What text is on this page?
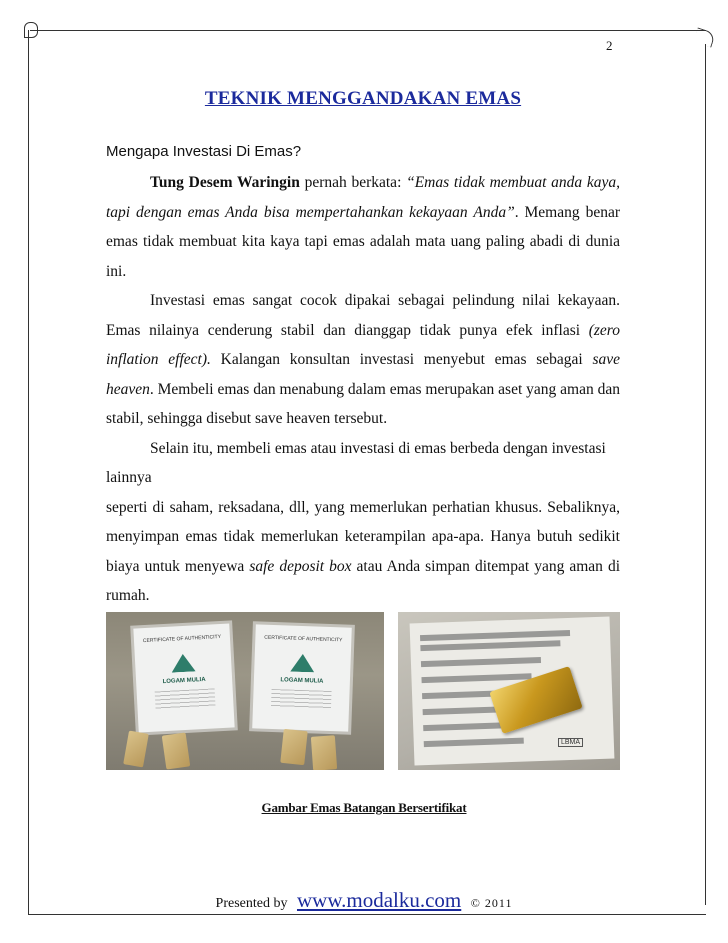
2
TEKNIK MENGGANDAKAN EMAS
Mengapa Investasi Di Emas?

Tung Desem Waringin pernah berkata: “Emas tidak membuat anda kaya, tapi dengan emas Anda bisa mempertahankan kekayaan Anda”. Memang benar emas tidak membuat kita kaya tapi emas adalah mata uang paling abadi di dunia ini.

Investasi emas sangat cocok dipakai sebagai pelindung nilai kekayaan. Emas nilainya cenderung stabil dan dianggap tidak punya efek inflasi (zero inflation effect). Kalangan konsultan investasi menyebut emas sebagai save heaven. Membeli emas dan menabung dalam emas merupakan aset yang aman dan stabil, sehingga disebut save heaven tersebut.

Selain itu, membeli emas atau investasi di emas berbeda dengan investasi lainnya

seperti di saham, reksadana, dll, yang memerlukan perhatian khusus. Sebaliknya, menyimpan emas tidak memerlukan keterampilan apa-apa. Hanya butuh sedikit biaya untuk menyewa safe deposit box atau Anda simpan ditempat yang aman di rumah.

CERTIFICATE OF AUTHENTICITY
LOGAM MULIA
CERTIFICATE OF AUTHENTICITY
LOGAM MULIA
LBMA
Gambar Emas Batangan Bersertifikat
Presented by www.modalku.com © 2011
